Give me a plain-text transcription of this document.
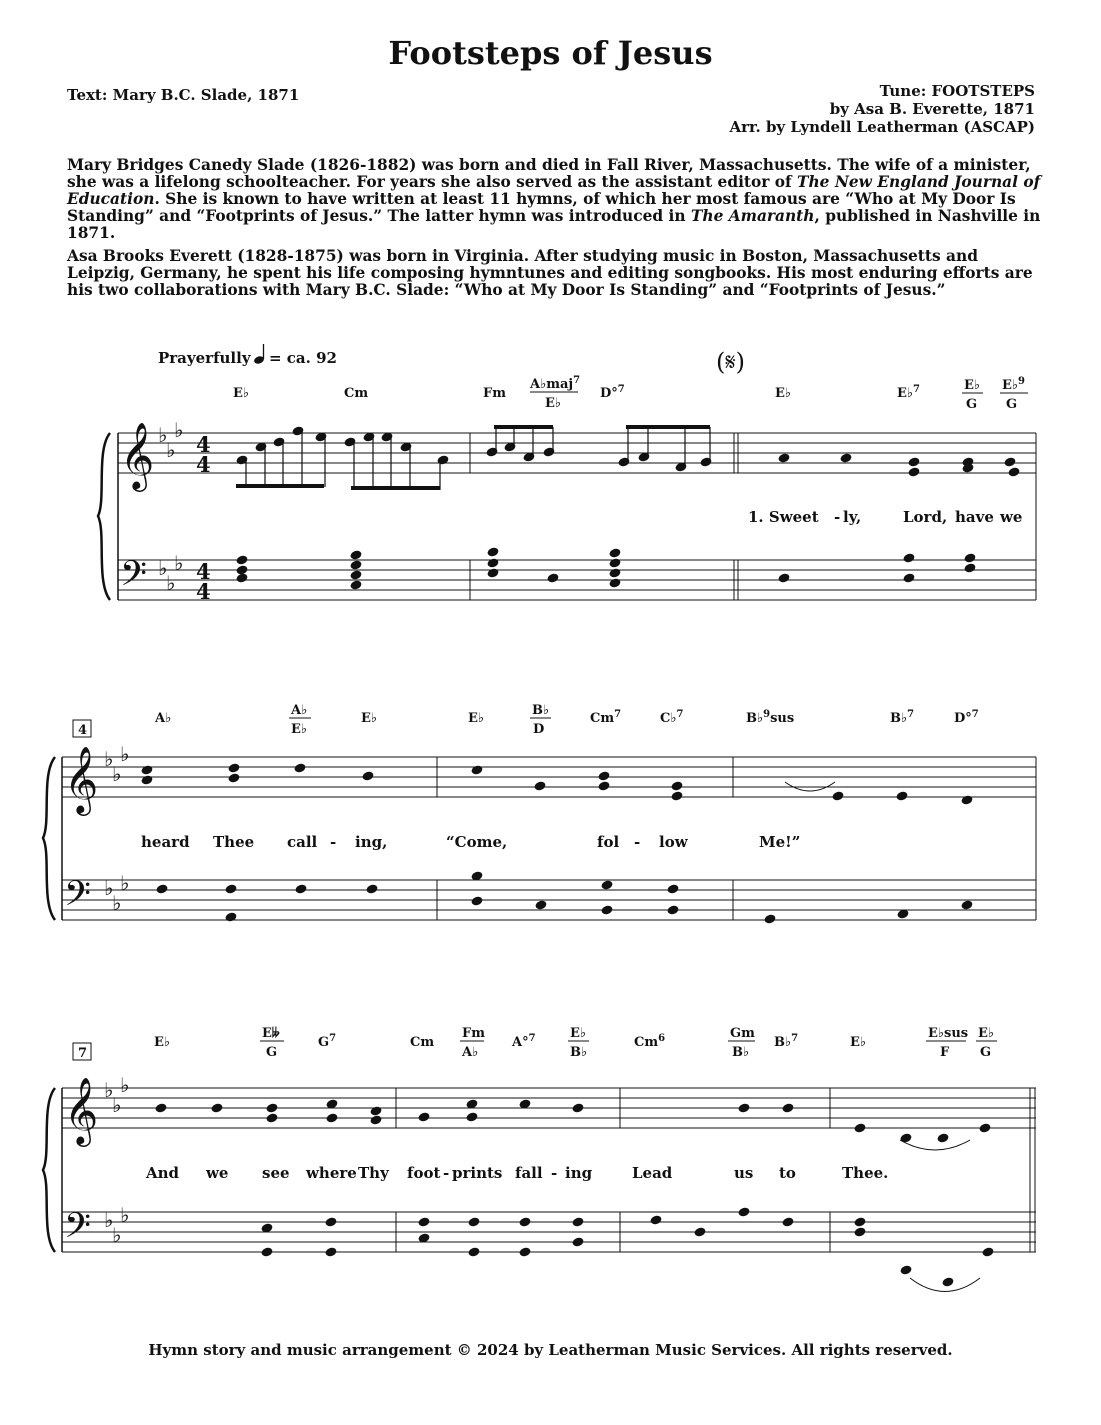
Footsteps of Jesus
Text: Mary B.C. Slade, 1871	Tune: FOOTSTEPS
by Asa B. Everette, 1871
Arr. by Lyndell Leatherman (ASCAP)
Mary Bridges Canedy Slade (1826-1882) was born and died in Fall River, Massachusetts. The wife of a minister, she was a lifelong schoolteacher. For years she also served as the assistant editor of The New England Journal of Education. She is known to have written at least 11 hymns, of which her most famous are “Who at My Door Is Standing” and “Footprints of Jesus.” The latter hymn was introduced in The Amaranth, published in Nashville in 1871.
Asa Brooks Everett (1828-1875) was born in Virginia. After studying music in Boston, Massachusetts and Leipzig, Germany, he spent his life composing hymntunes and editing songbooks. His most enduring efforts are his two collaborations with Mary B.C. Slade: “Who at My Door Is Standing” and “Footprints of Jesus.”
𝄞
𝄢
𝄞
𝄢
𝄞
𝄢
♭
♭
♭
♭
♭
♭
♭
♭
♭
♭
♭
♭
♭
♭
♭
♭
♭
♭
4
4
4
4
Prayerfully = ca. 92	(𝄋)
E♭	Cm	Fm
A♭maj$^7$
E♭
D°$^7$	E♭	E♭$^7$	E♭
G
E♭$^9$
G
A♭
A♭
E♭
E♭	E♭
B♭
D
Cm$^7$	C♭$^7$	B♭$^9$sus	B♭$^7$	D°$^7$
E♭
E𝄫
G
$G^7$	Cm
Fm
A♭
A°$^7$	E♭
B♭
Cm$^6$	Gm
B♭
B♭$^7$	E♭
E♭sus
F
E♭
G
4
7
1. Sweet - ly,	Lord, have we
heard Thee call - ing,	“Come,	fol - low	Me!”
And we see where Thy foot - prints fall - ing	Lead	us to	Thee.
Hymn story and music arrangement © 2024 by Leatherman Music Services. All rights reserved.
